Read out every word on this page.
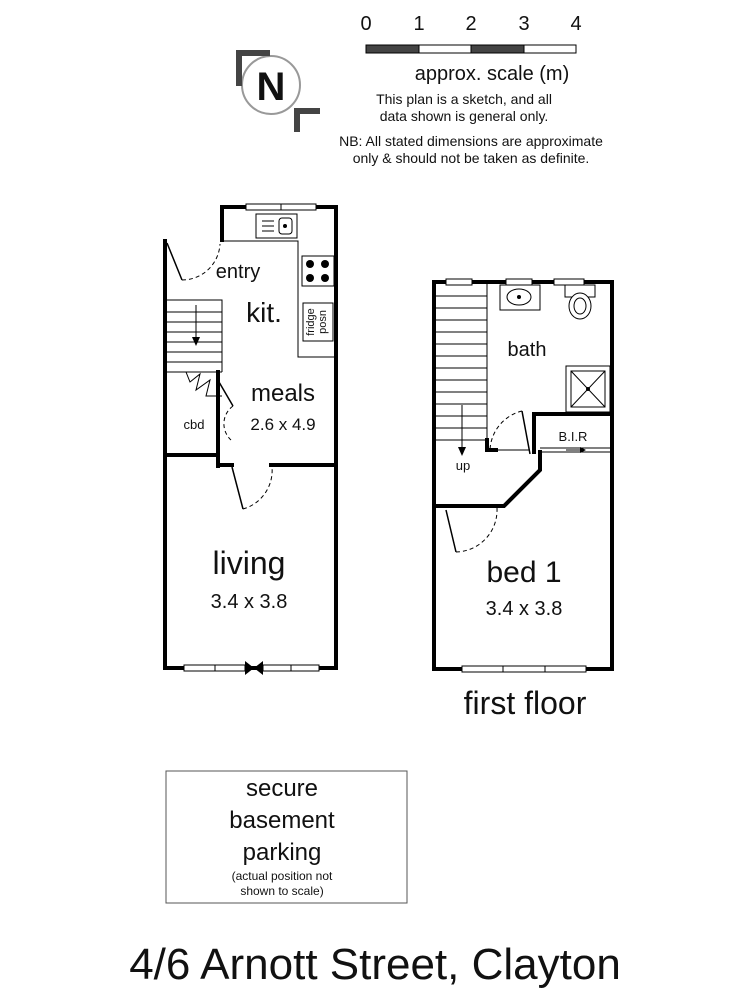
0 1 2 3 4
approx. scale (m)
This plan is a sketch, and all
data shown is general only.
NB: All stated dimensions are approximate
only & should not be taken as definite.
N
fridge posn
cbd
entry
kit.
meals
2.6 x 4.9
living
3.4 x 3.8
up
B.I.R
bath
bed 1
3.4 x 3.8
first floor
secure
basement
parking
(actual position not
shown to scale)
4/6 Arnott Street, Clayton
